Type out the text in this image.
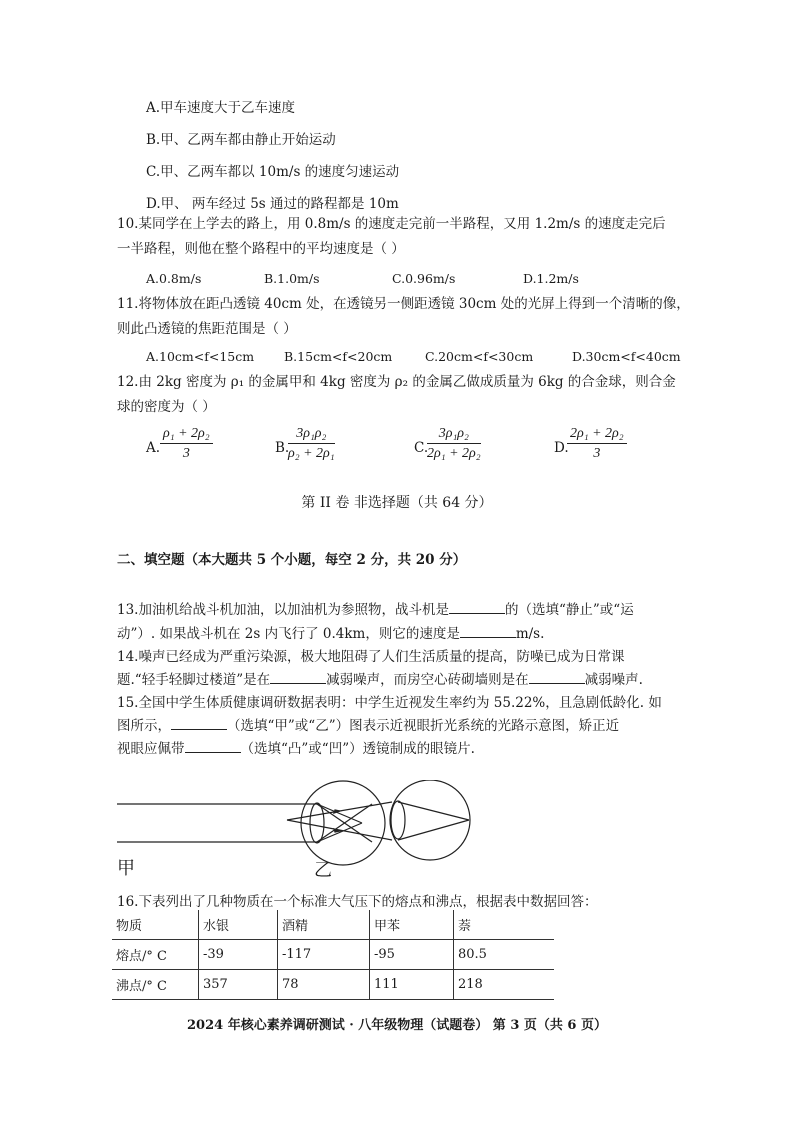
A.甲车速度大于乙车速度
B.甲、乙两车都由静止开始运动
C.甲、乙两车都以 10m/s 的速度匀速运动
D.甲、 两车经过 5s 通过的路程都是 10m
10.某同学在上学去的路上，用 0.8m/s 的速度走完前一半路程，又用 1.2m/s 的速度走完后
一半路程，则他在整个路程中的平均速度是（ ）
A.0.8m/s	B.1.0m/s	C.0.96m/s	D.1.2m/s
11.将物体放在距凸透镜 40cm 处，在透镜另一侧距透镜 30cm 处的光屏上得到一个清晰的像，
则此凸透镜的焦距范围是（ ）
A.10cm<f<15cm B.15cm<f<20cm	C.20cm<f<30cm	D.30cm<f<40cm
12.由 2kg 密度为 ρ₁ 的金属甲和 4kg 密度为 ρ₂ 的金属乙做成质量为 6kg 的合金球，则合金
球的密度为（ ）
A. $\frac{\text{ρ₁ + 2ρ₂}}{3}$	B.
$\frac{\text{3ρ₁ρ₂}}{\text{ρ₂ + 2ρ₁}}$	C.
$\frac{\text{3ρ₁ρ₂}}{\text{2ρ₁ + 2ρ₂}}$	D.
$\frac{\text{2ρ₁ + 2ρ₂}}{3}$
第 II 卷 非选择题（共 64 分）
二、填空题（本大题共 5 个小题，每空 2 分，共 20 分）
13.加油机给战斗机加油，以加油机为参照物，战斗机是	的（选填“静止”或“运
动”）. 如果战斗机在 2s 内飞行了 0.4km，则它的速度是	m/s.
14.噪声已经成为严重污染源，极大地阻碍了人们生活质量的提高，防噪已成为日常课
题.“轻手轻脚过楼道”是在	减弱噪声，而房空心砖砌墙则是在	减弱噪声.
15.全国中学生体质健康调研数据表明：中学生近视发生率约为 55.22%，且急剧低龄化. 如
图所示，	（选填“甲”或“乙”）图表示近视眼折光系统的光路示意图，矫正近
视眼应佩带	（选填“凸”或“凹”）透镜制成的眼镜片.
甲	乙
16.下表列出了几种物质在一个标准大气压下的熔点和沸点，根据表中数据回答：
物质	水银	酒精	甲苯	萘
熔点/° C	-39	-117	-95	80.5
沸点/° C	357	78	111	218
2024 年核心素养调研测试 · 八年级物理（试题卷） 第 3 页（共 6 页）
